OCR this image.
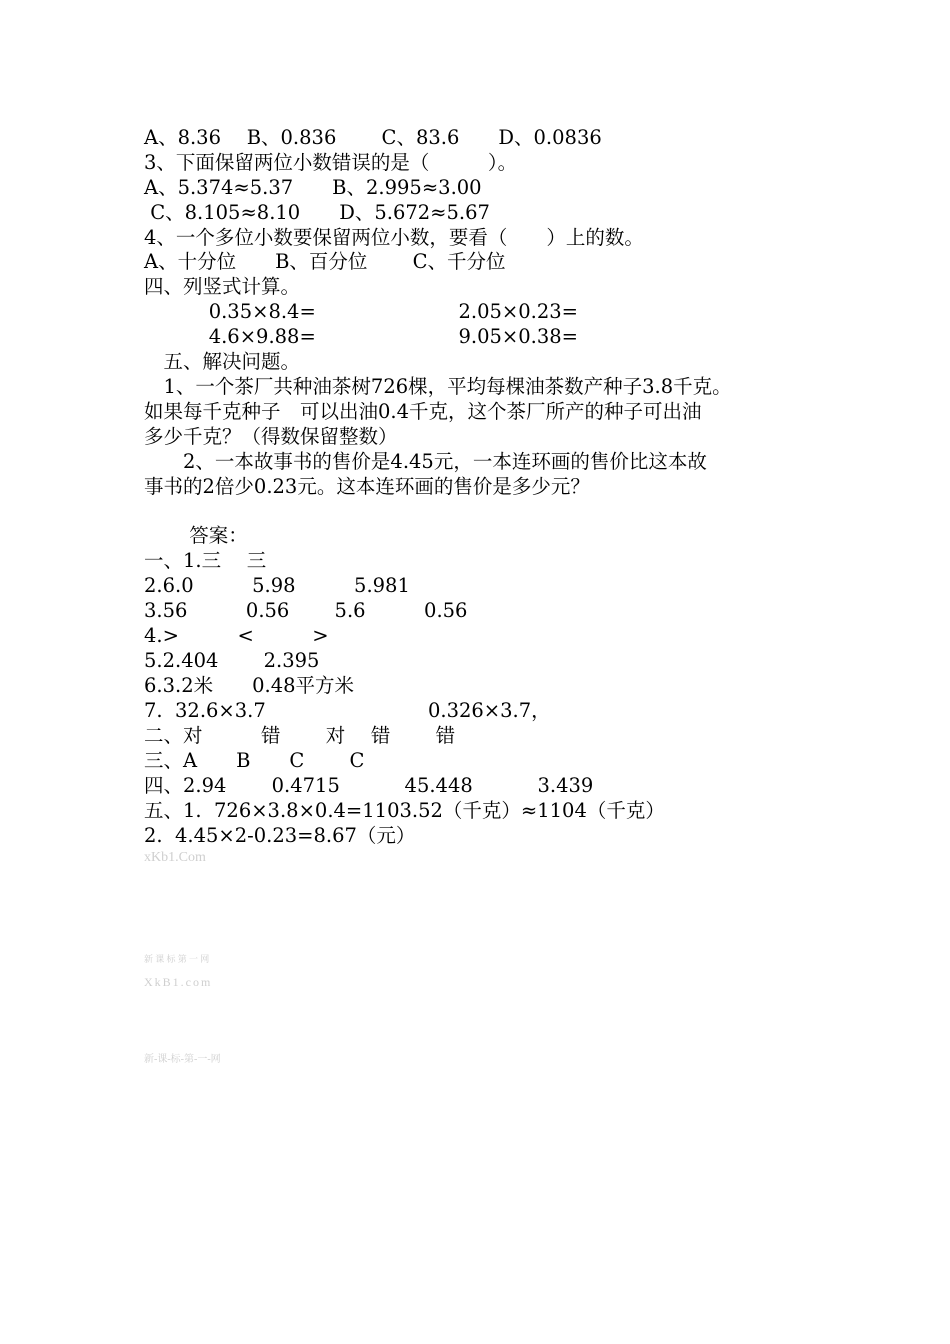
A、8.36　 B、0.836　　 C、83.6　　D、0.0836
3、下面保留两位小数错误的是（　　　）。
A、5.374≈5.37　　B、2.995≈3.00
C、8.105≈8.10　　D、5.672≈5.67
4、一个多位小数要保留两位小数，要看（　　）上的数。
A、十分位　　B、百分位　　 C、千分位
四、列竖式计算。
　　　 0.35×8.4=　　　　　　　 2.05×0.23=
　　　 4.6×9.88=　　　　　　　 9.05×0.38=
　五、解决问题。
　1、一个茶厂共种油茶树726棵，平均每棵油茶数产种子3.8千克。
如果每千克种子　可以出油0.4千克，这个茶厂所产的种子可出油
多少千克？（得数保留整数）
　　2、一本故事书的售价是4.45元，一本连环画的售价比这本故
事书的2倍少0.23元。这本连环画的售价是多少元？
　　 答案：
一、1.三　 三
2.6.0　　　5.98　　　5.981
3.56　　　0.56　　 5.6　　　0.56
4.>　　　<　　　>
5.2.404　　 2.395
6.3.2米　　0.48平方米
7.  32.6×3.7　　　　　　　　 0.326×3.7，
二、对　　　错　　 对　 错　　 错
三、A　　B　　C　　 C
四、2.94　　 0.4715　　　 45.448　　　 3.439
五、1.  726×3.8×0.4=1103.52（千克）≈1104（千克）
2.  4.45×2-0.23=8.67（元）
xKb1.Com
新 课 标 第 一 网
XkB1.com
新-课-标-第-一-网
